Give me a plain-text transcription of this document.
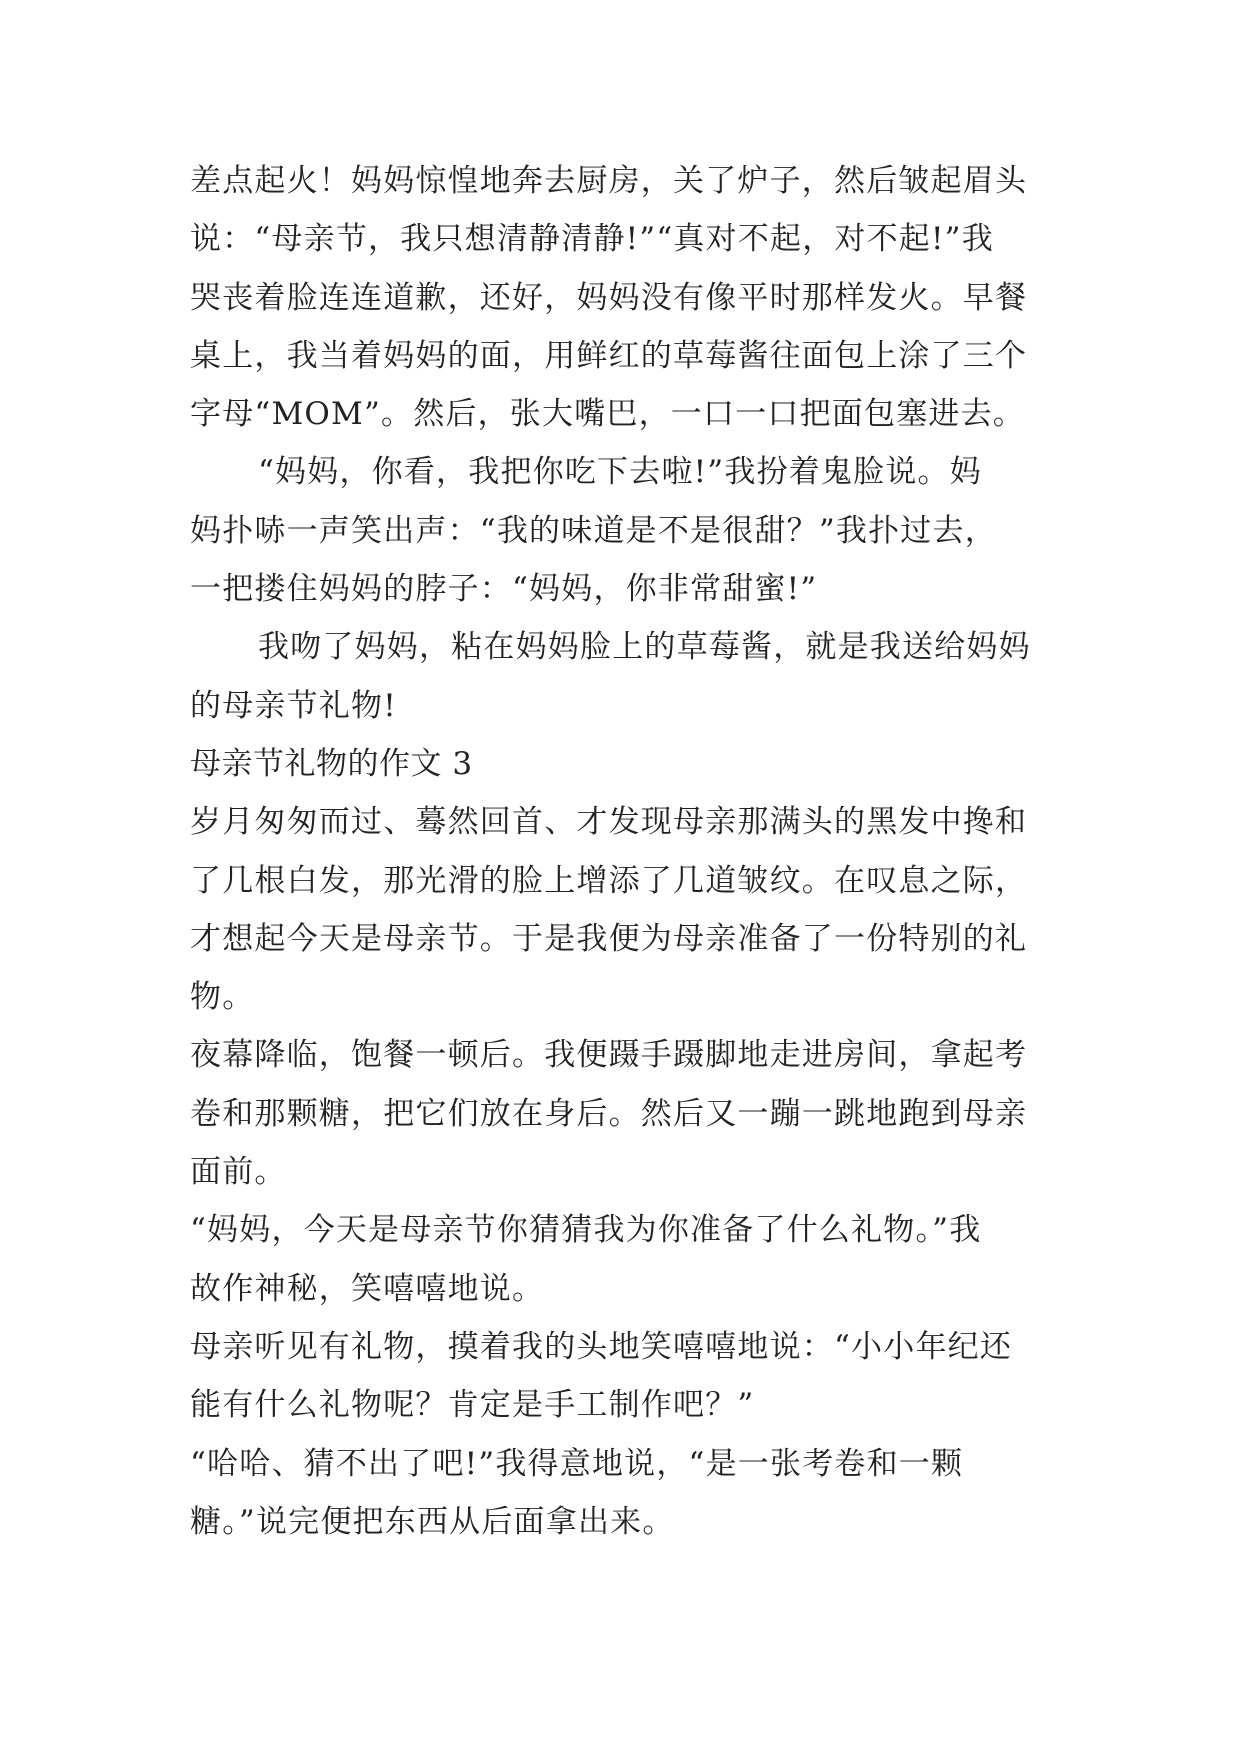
差点起火！妈妈惊惶地奔去厨房，关了炉子，然后皱起眉头
说：“母亲节，我只想清静清静!”“真对不起，对不起!”我
哭丧着脸连连道歉，还好，妈妈没有像平时那样发火。早餐
桌上，我当着妈妈的面，用鲜红的草莓酱往面包上涂了三个
字母“MOM”。然后，张大嘴巴，一口一口把面包塞进去。
“妈妈，你看，我把你吃下去啦!”我扮着鬼脸说。妈
妈扑哧一声笑出声：“我的味道是不是很甜？”我扑过去，
一把搂住妈妈的脖子：“妈妈，你非常甜蜜!”
我吻了妈妈，粘在妈妈脸上的草莓酱，就是我送给妈妈
的母亲节礼物!
母亲节礼物的作文 3
岁月匆匆而过、蓦然回首、才发现母亲那满头的黑发中搀和
了几根白发，那光滑的脸上增添了几道皱纹。在叹息之际，
才想起今天是母亲节。于是我便为母亲准备了一份特别的礼
物。
夜幕降临，饱餐一顿后。我便蹑手蹑脚地走进房间，拿起考
卷和那颗糖，把它们放在身后。然后又一蹦一跳地跑到母亲
面前。
“妈妈，今天是母亲节你猜猜我为你准备了什么礼物。”我
故作神秘，笑嘻嘻地说。
母亲听见有礼物，摸着我的头地笑嘻嘻地说：“小小年纪还
能有什么礼物呢？肯定是手工制作吧？”
“哈哈、猜不出了吧!”我得意地说，“是一张考卷和一颗
糖。”说完便把东西从后面拿出来。
